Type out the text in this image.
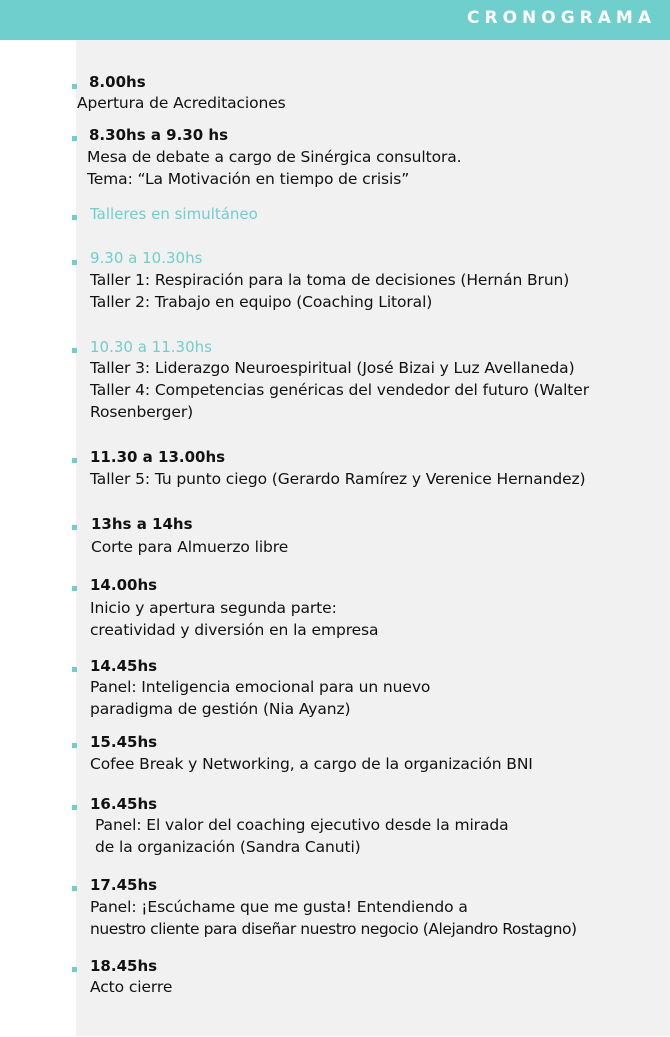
CRONOGRAMA
8.00hs
Apertura de Acreditaciones
8.30hs a 9.30 hs
Mesa de debate a cargo de Sinérgica consultora.
Tema: “La Motivación en tiempo de crisis”
Talleres en simultáneo
9.30 a 10.30hs
Taller 1: Respiración para la toma de decisiones (Hernán Brun)
Taller 2: Trabajo en equipo (Coaching Litoral)
10.30 a 11.30hs
Taller 3: Liderazgo Neuroespiritual (José Bizai y Luz Avellaneda)
Taller 4: Competencias genéricas del vendedor del futuro (Walter
Rosenberger)
11.30 a 13.00hs
Taller 5: Tu punto ciego (Gerardo Ramírez y Verenice Hernandez)
13hs a 14hs
Corte para Almuerzo libre
14.00hs
Inicio y apertura segunda parte:
creatividad y diversión en la empresa
14.45hs
Panel: Inteligencia emocional para un nuevo
paradigma de gestión (Nia Ayanz)
15.45hs
Cofee Break y Networking, a cargo de la organización BNI
16.45hs
Panel: El valor del coaching ejecutivo desde la mirada
de la organización (Sandra Canuti)
17.45hs
Panel: ¡Escúchame que me gusta! Entendiendo a
nuestro cliente para diseñar nuestro negocio (Alejandro Rostagno)
18.45hs
Acto cierre
